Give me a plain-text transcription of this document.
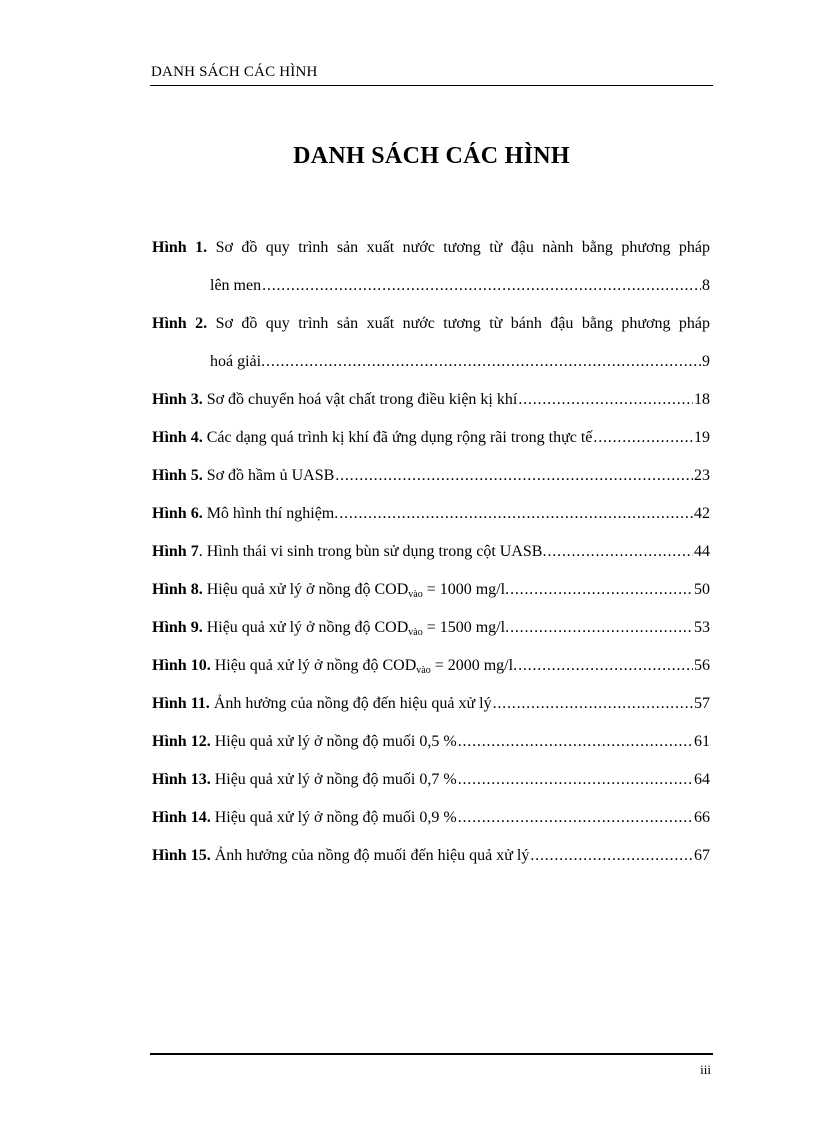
DANH SÁCH CÁC HÌNH
DANH SÁCH CÁC HÌNH
Hình 1. Sơ đồ quy trình sản xuất nước tương từ đậu nành bằng phương pháp
lên men . . .	8
Hình 2. Sơ đồ quy trình sản xuất nước tương từ bánh đậu bằng phương pháp
hoá giải. . . .	9
Hình 3. Sơ đồ chuyển hoá vật chất trong điều kiện kị khí . . .	18
Hình 4. Các dạng quá trình kị khí đã ứng dụng rộng rãi trong thực tế . . .	19
Hình 5. Sơ đồ hầm ủ UASB . . .	23
Hình 6. Mô hình thí nghiệm. . . .	42
Hình 7. Hình thái vi sinh trong bùn sử dụng trong cột UASB. . . .	44
Hình 8. Hiệu quả xử lý ở nồng độ $COD_{vào} = 1000$ mg/l. . . .	50
Hình 9. Hiệu quả xử lý ở nồng độ $COD_{vào} = 1500$ mg/l. . . .	53
Hình 10. Hiệu quả xử lý ở nồng độ $COD_{vào} = 2000$ mg/l. . . .	56
Hình 11. Ảnh hưởng của nồng độ đến hiệu quả xử lý . . .	57
Hình 12. Hiệu quả xử lý ở nồng độ muối 0,5 % . . .	61
Hình 13. Hiệu quả xử lý ở nồng độ muối 0,7 % . . .	64
Hình 14. Hiệu quả xử lý ở nồng độ muối 0,9 % . . .	66
Hình 15. Ảnh hưởng của nồng độ muối đến hiệu quả xử lý . . .	67
iii
